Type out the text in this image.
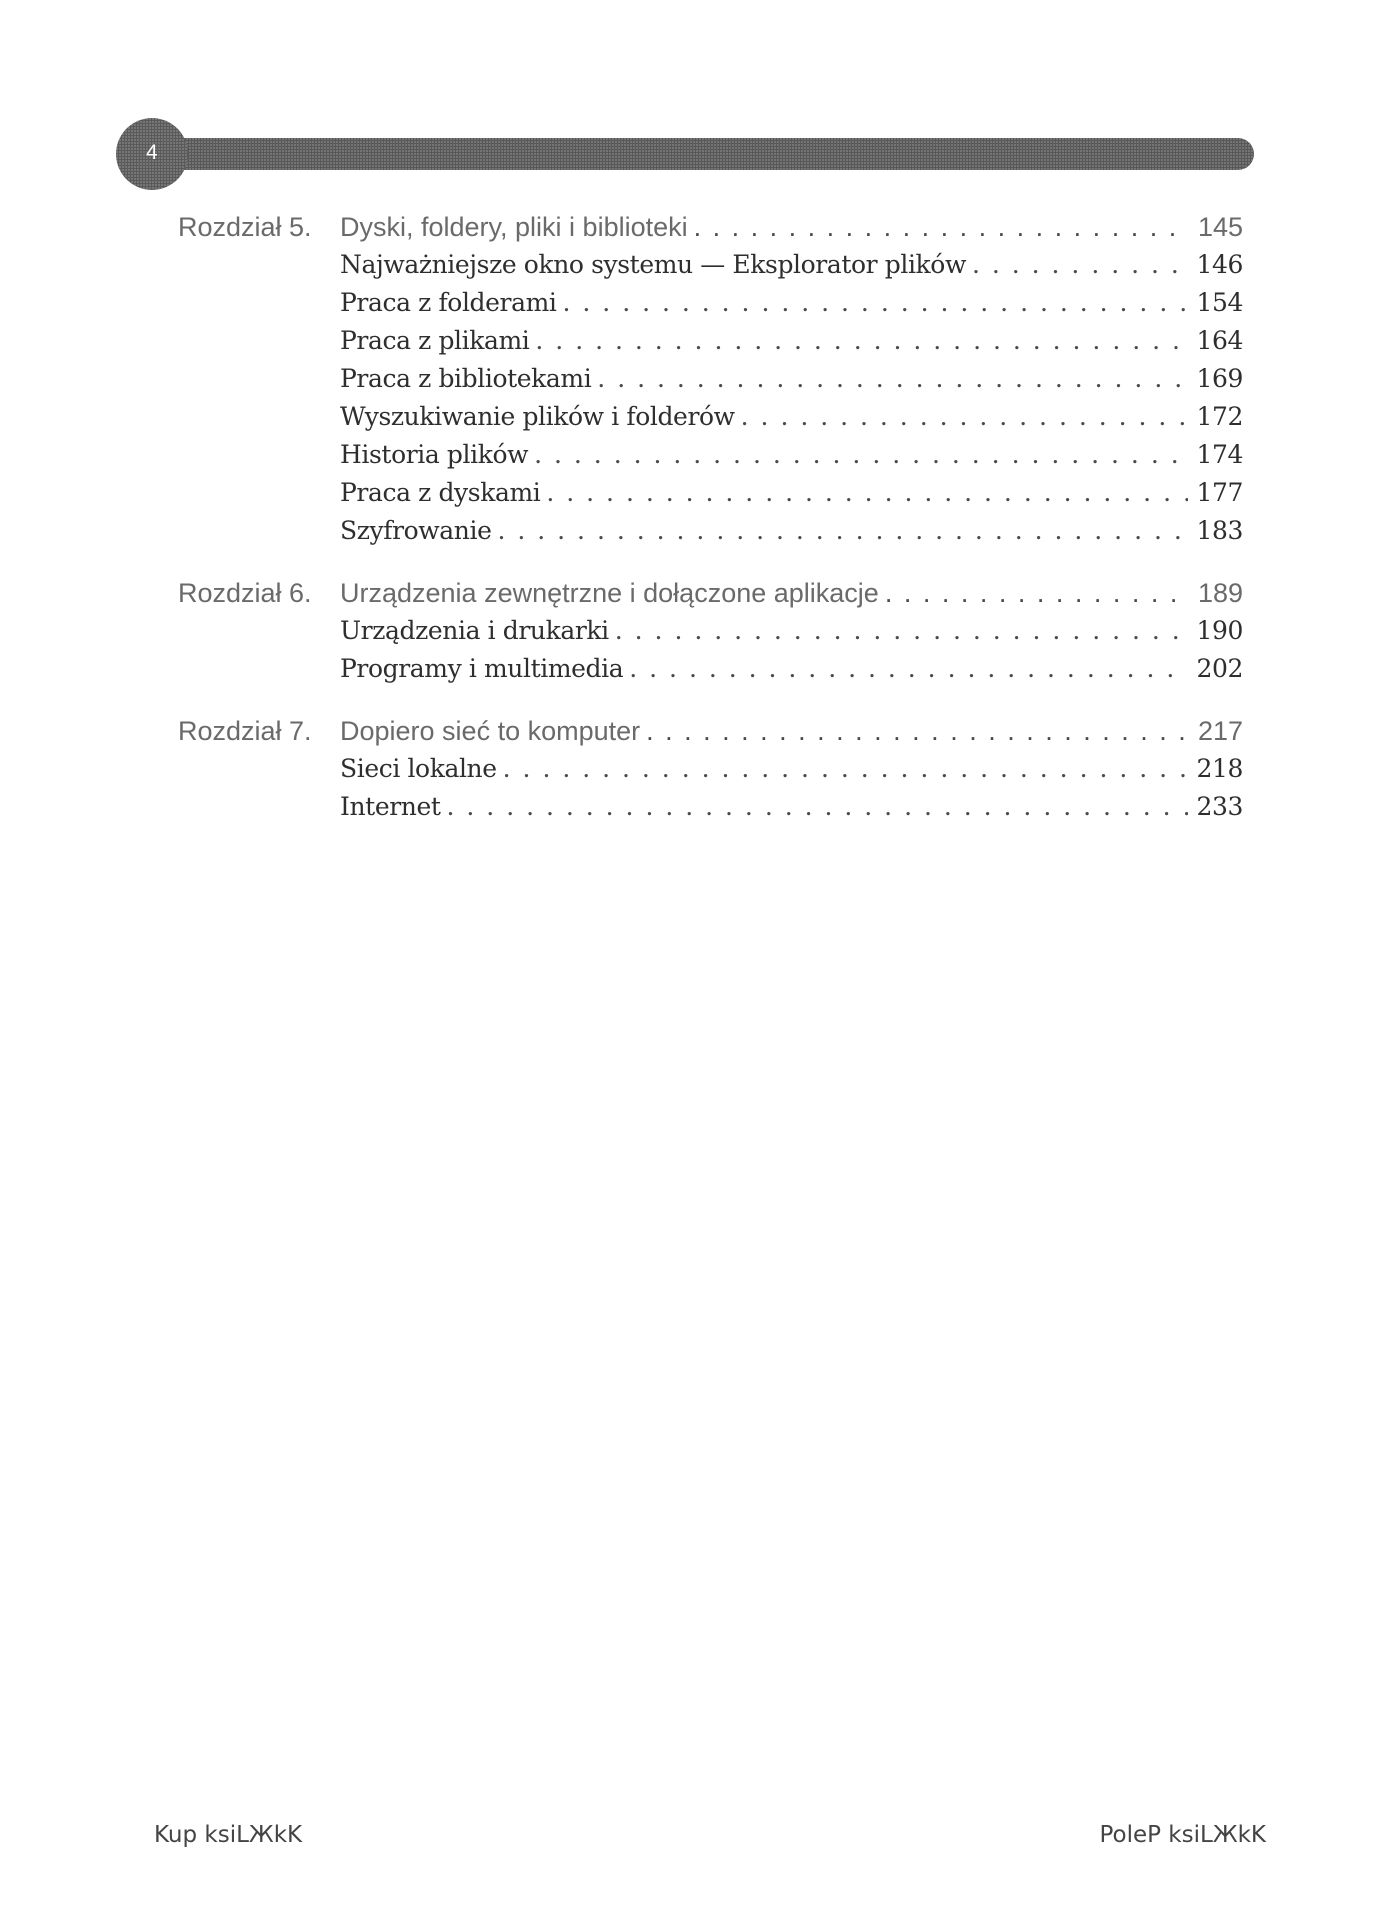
4
Rozdział 5. Dyski, foldery, pliki i biblioteki . . .	145
Najważniejsze okno systemu — Eksplorator plików . . .	146
Praca z folderami . . .	154
Praca z plikami . . .	164
Praca z bibliotekami . . .	169
Wyszukiwanie plików i folderów . . .	172
Historia plików . . .	174
Praca z dyskami . . .	177
Szyfrowanie . . .	183
Rozdział 6. Urządzenia zewnętrzne i dołączone aplikacje . . .	189
Urządzenia i drukarki . . .	190
Programy i multimedia . . .	202
Rozdział 7. Dopiero sieć to komputer . . .	217
Sieci lokalne . . .	218
Internet . . .	233
Kup ksiLЖkK	PoleP ksiLЖkK
